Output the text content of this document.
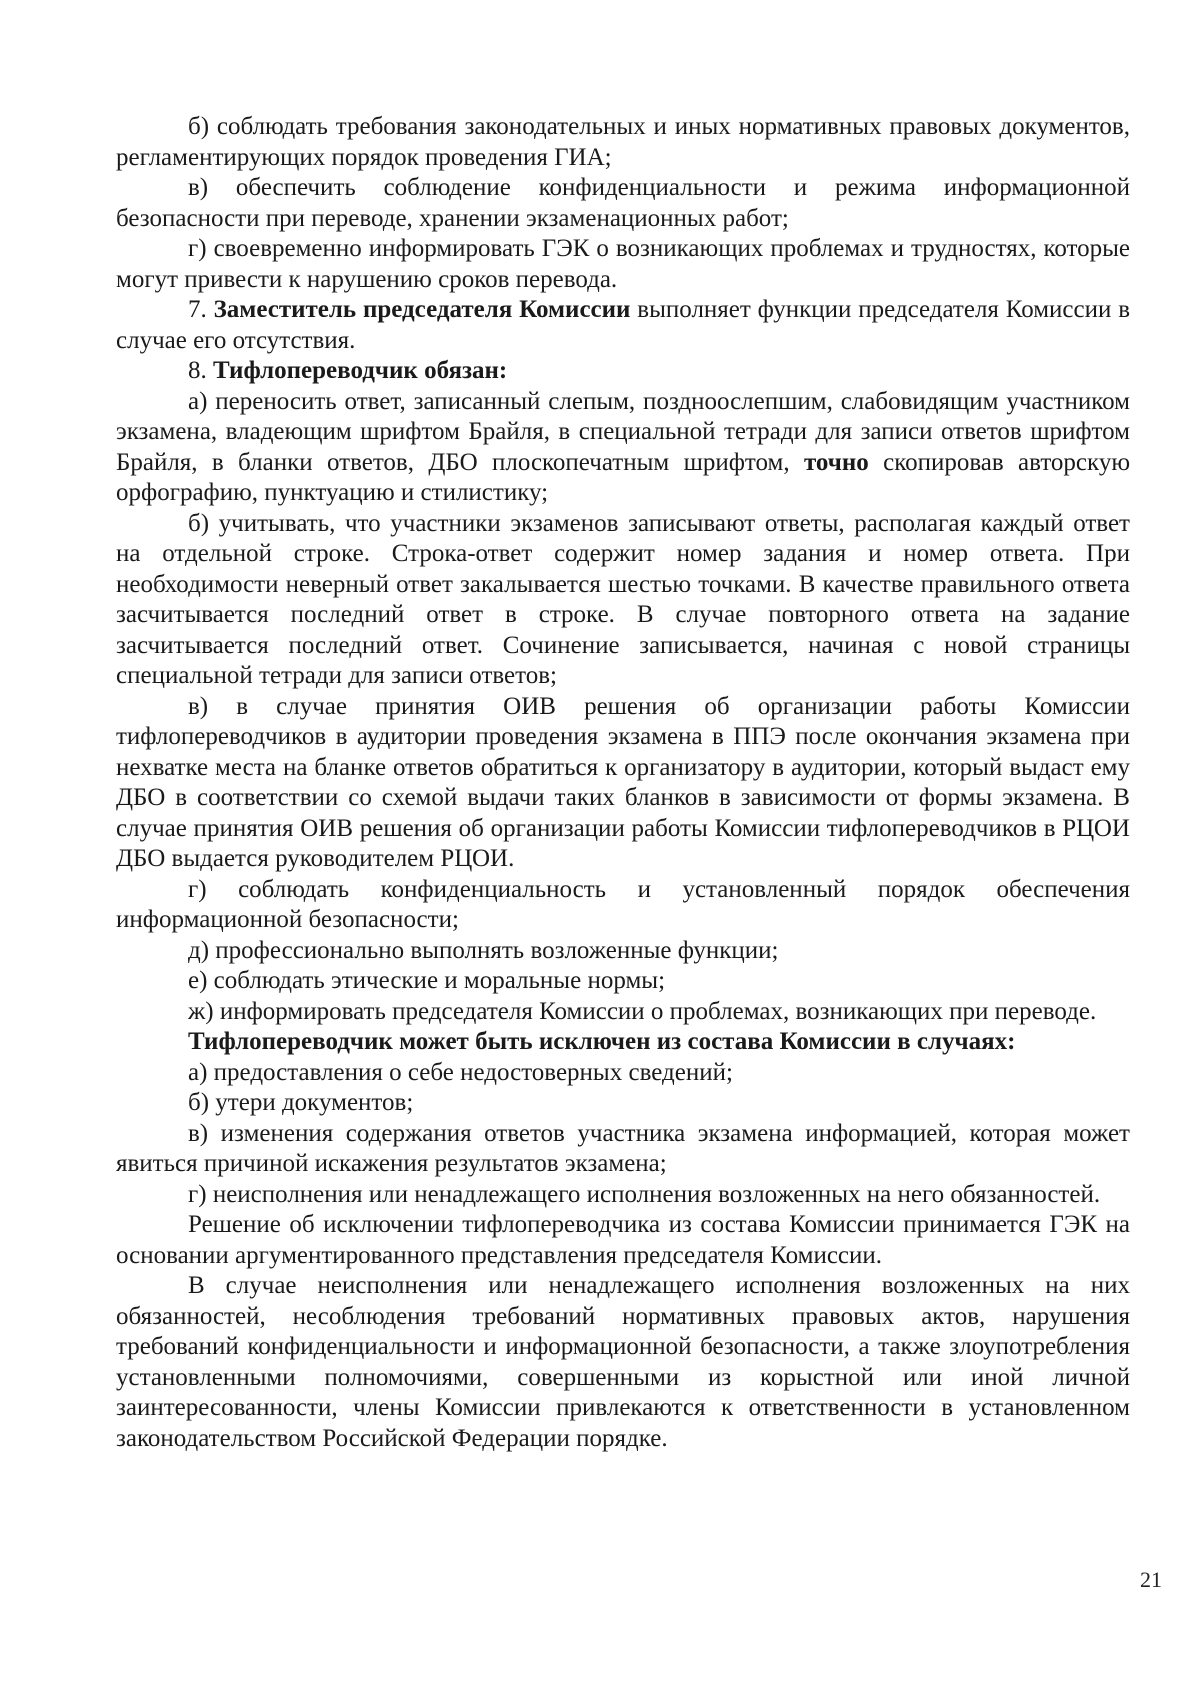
б) соблюдать требования законодательных и иных нормативных правовых документов, регламентирующих порядок проведения ГИА;

в) обеспечить соблюдение конфиденциальности и режима информационной безопасности при переводе, хранении экзаменационных работ;

г) своевременно информировать ГЭК о возникающих проблемах и трудностях, которые могут привести к нарушению сроков перевода.

7. Заместитель председателя Комиссии выполняет функции председателя Комиссии в случае его отсутствия.

8. Тифлопереводчик обязан:

а) переносить ответ, записанный слепым, поздноослепшим, слабовидящим участником экзамена, владеющим шрифтом Брайля, в специальной тетради для записи ответов шрифтом Брайля, в бланки ответов, ДБО плоскопечатным шрифтом, точно скопировав авторскую орфографию, пунктуацию и стилистику;

б) учитывать, что участники экзаменов записывают ответы, располагая каждый ответ на отдельной строке. Строка-ответ содержит номер задания и номер ответа. При необходимости неверный ответ закалывается шестью точками. В качестве правильного ответа засчитывается последний ответ в строке. В случае повторного ответа на задание засчитывается последний ответ. Сочинение записывается, начиная с новой страницы специальной тетради для записи ответов;

в) в случае принятия ОИВ решения об организации работы Комиссии тифлопереводчиков в аудитории проведения экзамена в ППЭ после окончания экзамена при нехватке места на бланке ответов обратиться к организатору в аудитории, который выдаст ему ДБО в соответствии со схемой выдачи таких бланков в зависимости от формы экзамена. В случае принятия ОИВ решения об организации работы Комиссии тифлопереводчиков в РЦОИ ДБО выдается руководителем РЦОИ.

г) соблюдать конфиденциальность и установленный порядок обеспечения информационной безопасности;

д) профессионально выполнять возложенные функции;

е) соблюдать этические и моральные нормы;

ж) информировать председателя Комиссии о проблемах, возникающих при переводе.

Тифлопереводчик может быть исключен из состава Комиссии в случаях:

а) предоставления о себе недостоверных сведений;

б) утери документов;

в) изменения содержания ответов участника экзамена информацией, которая может явиться причиной искажения результатов экзамена;

г) неисполнения или ненадлежащего исполнения возложенных на него обязанностей.

Решение об исключении тифлопереводчика из состава Комиссии принимается ГЭК на основании аргументированного представления председателя Комиссии.

В случае неисполнения или ненадлежащего исполнения возложенных на них обязанностей, несоблюдения требований нормативных правовых актов, нарушения требований конфиденциальности и информационной безопасности, а также злоупотребления установленными полномочиями, совершенными из корыстной или иной личной заинтересованности, члены Комиссии привлекаются к ответственности в установленном законодательством Российской Федерации порядке.

21
